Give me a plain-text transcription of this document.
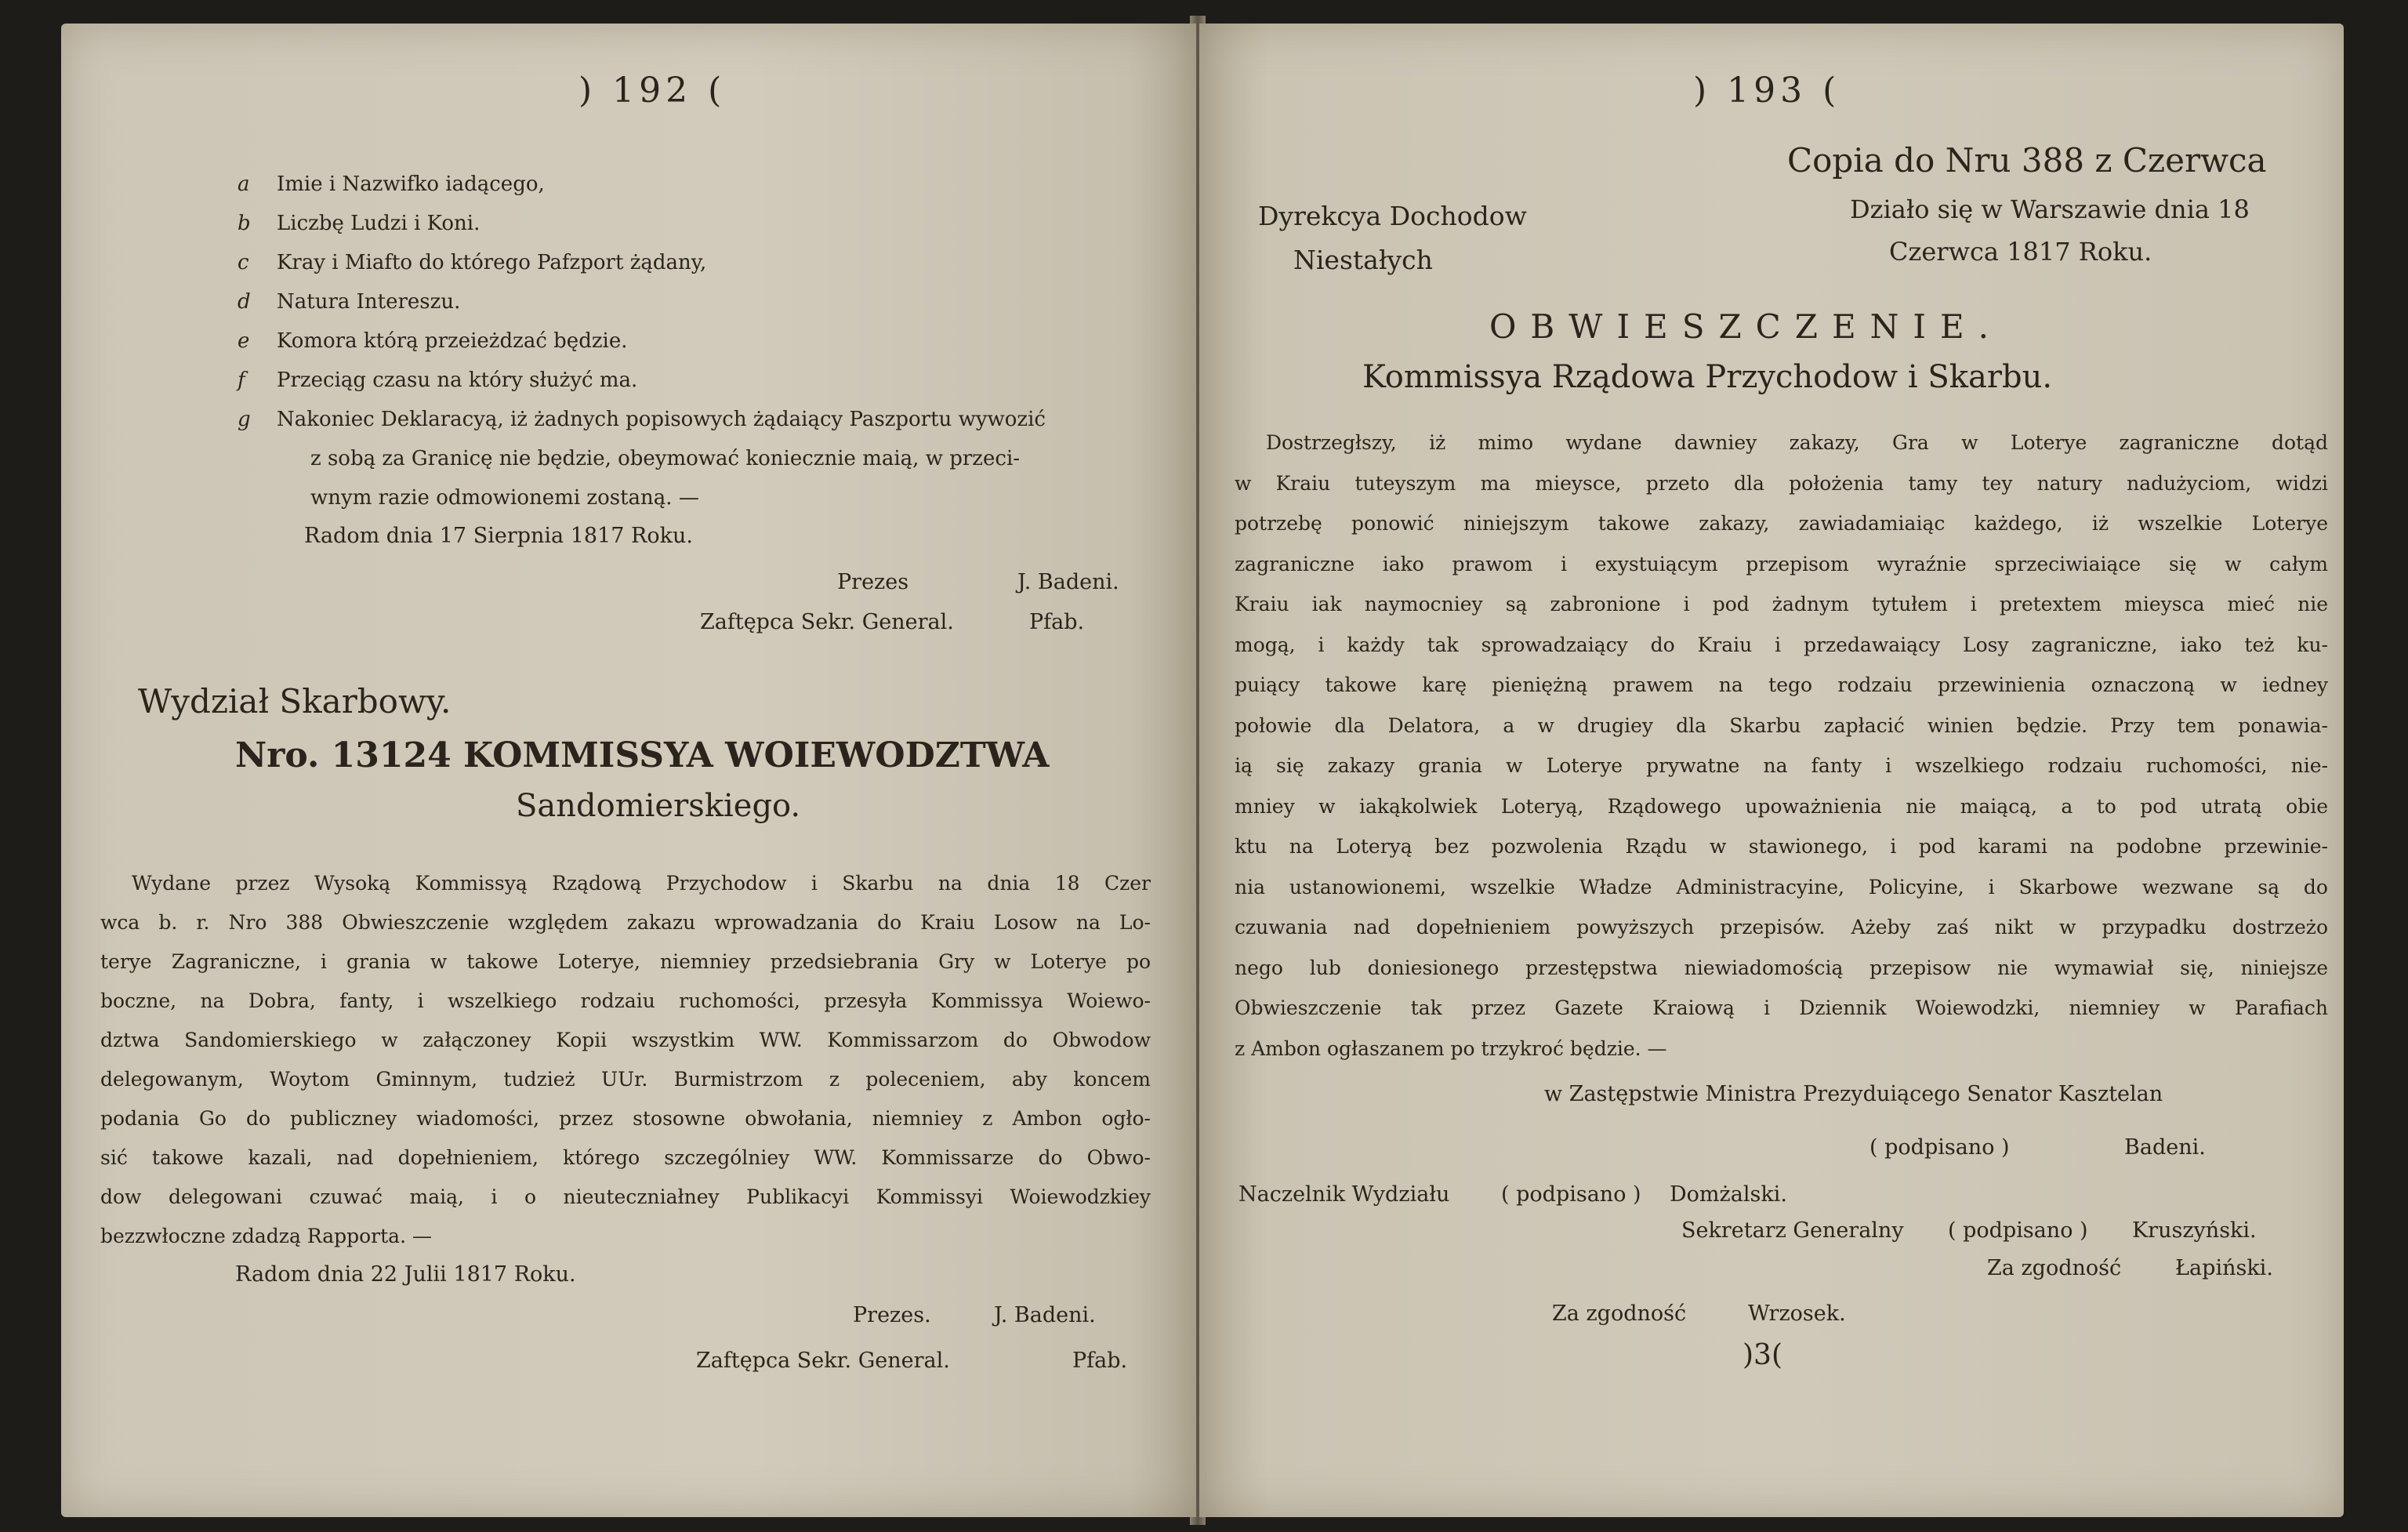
) 192 (
a	Imie i Nazwifko iadącego,
b	Liczbę Ludzi i Koni.
c	Kray i Miafto do którego Pafzport żądany,
d	Natura Intereszu.
e	Komora którą przeieżdzać będzie.
f	Przeciąg czasu na który służyć ma.
g	Nakoniec Deklaracyą, iż żadnych popisowych żądaiący Paszportu wywozić
z sobą za Granicę nie będzie, obeymować koniecznie maią, w przeci-
wnym razie odmowionemi zostaną. —
Radom dnia 17 Sierpnia 1817 Roku.
Prezes	J. Badeni.
Zaftępca Sekr. General.	Pfab.
Wydział Skarbowy.
Nro. 13124 KOMMISSYA WOIEWODZTWA
Sandomierskiego.
Wydane przez Wysoką Kommissyą Rządową Przychodow i Skarbu na dnia 18 Czer
wca b. r. Nro 388 Obwieszczenie względem zakazu wprowadzania do Kraiu Losow na Lo-
terye Zagraniczne, i grania w takowe Loterye, niemniey przedsiebrania Gry w Loterye po
boczne, na Dobra, fanty, i wszelkiego rodzaiu ruchomości, przesyła Kommissya Woiewo-
dztwa Sandomierskiego w załączoney Kopii wszystkim WW. Kommissarzom do Obwodow
delegowanym, Woytom Gminnym, tudzież UUr. Burmistrzom z poleceniem, aby koncem
podania Go do publiczney wiadomości, przez stosowne obwołania, niemniey z Ambon ogło-
sić takowe kazali, nad dopełnieniem, którego szczególniey WW. Kommissarze do Obwo-
dow delegowani czuwać maią, i o nieuteczniałney Publikacyi Kommissyi Woiewodzkiey
bezzwłoczne zdadzą Rapporta. —
Radom dnia 22 Julii 1817 Roku.
Prezes.	J. Badeni.
Zaftępca Sekr. General.	Pfab.
) 193 (
Copia do Nru 388 z Czerwca
Działo się w Warszawie dnia 18
Czerwca 1817 Roku.
Dyrekcya Dochodow
Niestałych
OBWIESZCZENIE.
Kommissya Rządowa Przychodow i Skarbu.
Dostrzegłszy, iż mimo wydane dawniey zakazy, Gra w Loterye zagraniczne dotąd
w Kraiu tuteyszym ma mieysce, przeto dla położenia tamy tey natury nadużyciom, widzi
potrzebę ponowić niniejszym takowe zakazy, zawiadamiaiąc każdego, iż wszelkie Loterye
zagraniczne iako prawom i exystuiącym przepisom wyraźnie sprzeciwiaiące się w całym
Kraiu iak naymocniey są zabronione i pod żadnym tytułem i pretextem mieysca mieć nie
mogą, i każdy tak sprowadzaiący do Kraiu i przedawaiący Losy zagraniczne, iako też ku-
puiący takowe karę pieniężną prawem na tego rodzaiu przewinienia oznaczoną w iedney
połowie dla Delatora, a w drugiey dla Skarbu zapłacić winien będzie. Przy tem ponawia-
ią się zakazy grania w Loterye prywatne na fanty i wszelkiego rodzaiu ruchomości, nie-
mniey w iakąkolwiek Loteryą, Rządowego upoważnienia nie maiącą, a to pod utratą obie
ktu na Loteryą bez pozwolenia Rządu w stawionego, i pod karami na podobne przewinie-
nia ustanowionemi, wszelkie Władze Administracyine, Policyine, i Skarbowe wezwane są do
czuwania nad dopełnieniem powyższych przepisów. Ażeby zaś nikt w przypadku dostrzeżo
nego lub doniesionego przestępstwa niewiadomością przepisow nie wymawiał się, niniejsze
Obwieszczenie tak przez Gazete Kraiową i Dziennik Woiewodzki, niemniey w Parafiach
z Ambon ogłaszanem po trzykroć będzie. —
w Zastępstwie Ministra Prezyduiącego Senator Kasztelan
( podpisano )	Badeni.
Naczelnik Wydziału ( podpisano ) Domżalski.
Sekretarz Generalny ( podpisano ) Kruszyński.
Za zgodność	Łapiński.
Za zgodność	Wrzosek.
)3(
